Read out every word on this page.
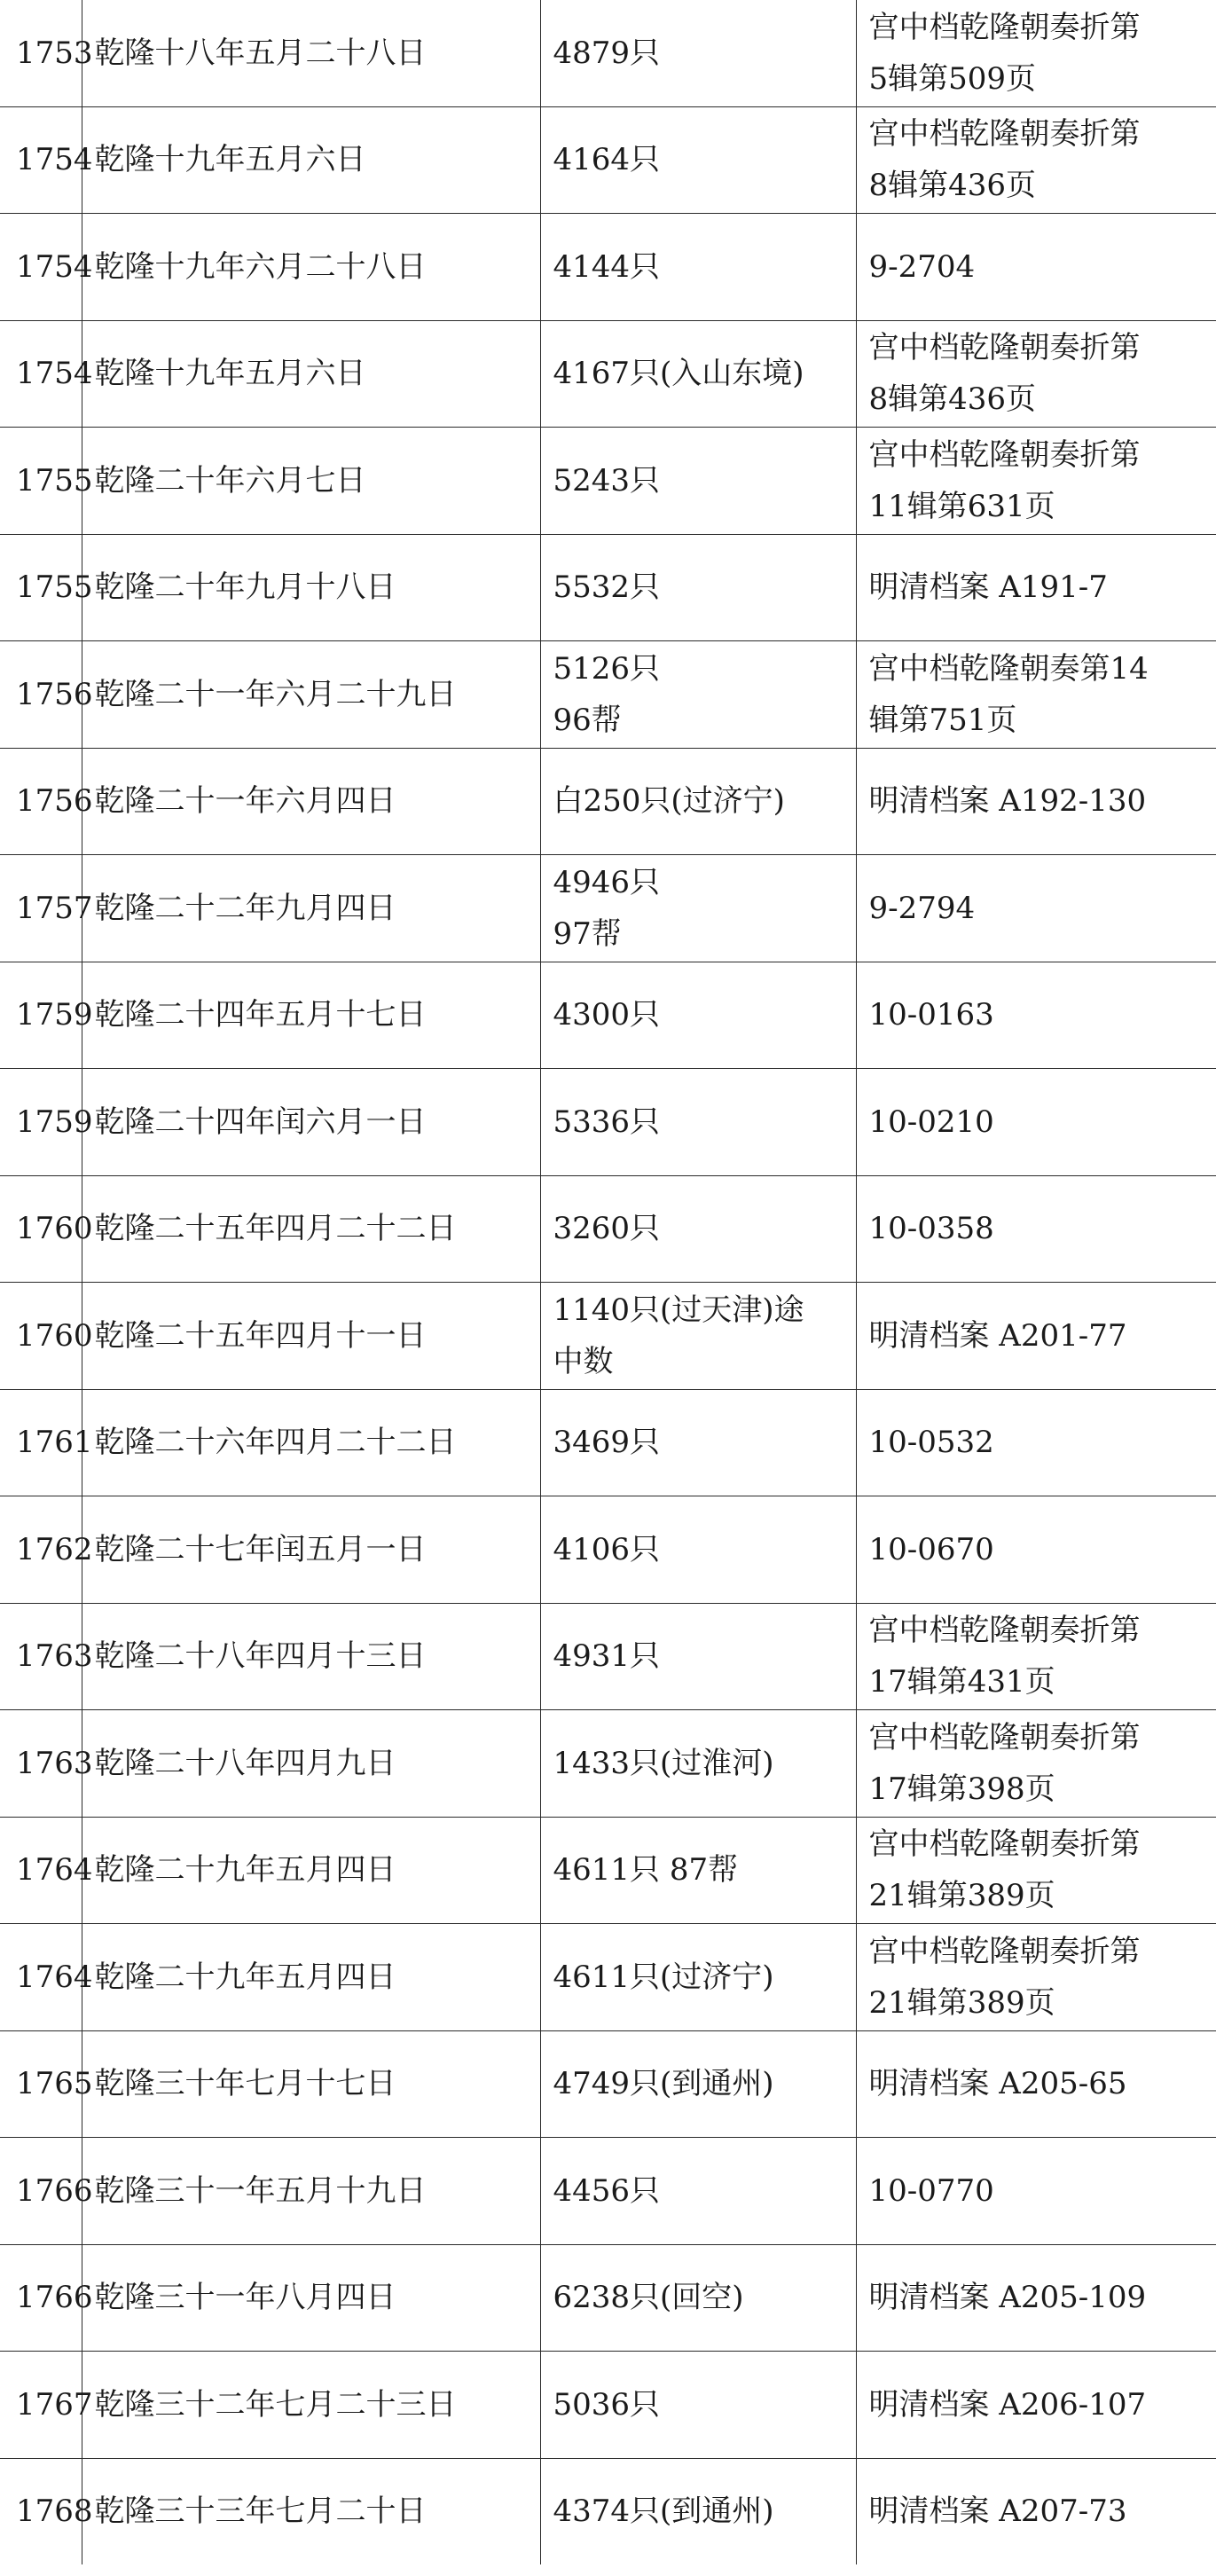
1753	乾隆十八年五月二十八日	4879只	宫中档乾隆朝奏折第
5辑第509页

1754	乾隆十九年五月六日	4164只	宫中档乾隆朝奏折第
8辑第436页

1754	乾隆十九年六月二十八日	4144只	9-2704

1754	乾隆十九年五月六日	4167只(入山东境)	宫中档乾隆朝奏折第
8辑第436页

1755	乾隆二十年六月七日	5243只	宫中档乾隆朝奏折第
11辑第631页

1755	乾隆二十年九月十八日	5532只	明清档案 A191-7

1756	乾隆二十一年六月二十九日	5126只
96帮	宫中档乾隆朝奏第14
辑第751页

1756	乾隆二十一年六月四日	白250只(过济宁)	明清档案 A192-130

1757	乾隆二十二年九月四日	4946只
97帮	9-2794

1759	乾隆二十四年五月十七日	4300只	10-0163

1759	乾隆二十四年闰六月一日	5336只	10-0210

1760	乾隆二十五年四月二十二日	3260只	10-0358

1760	乾隆二十五年四月十一日	1140只(过天津)途
中数	明清档案 A201-77

1761	乾隆二十六年四月二十二日	3469只	10-0532

1762	乾隆二十七年闰五月一日	4106只	10-0670

1763	乾隆二十八年四月十三日	4931只	宫中档乾隆朝奏折第
17辑第431页

1763	乾隆二十八年四月九日	1433只(过淮河)	宫中档乾隆朝奏折第
17辑第398页

1764	乾隆二十九年五月四日	4611只 87帮	宫中档乾隆朝奏折第
21辑第389页

1764	乾隆二十九年五月四日	4611只(过济宁)	宫中档乾隆朝奏折第
21辑第389页

1765	乾隆三十年七月十七日	4749只(到通州)	明清档案 A205-65

1766	乾隆三十一年五月十九日	4456只	10-0770

1766	乾隆三十一年八月四日	6238只(回空)	明清档案 A205-109

1767	乾隆三十二年七月二十三日	5036只	明清档案 A206-107

1768	乾隆三十三年七月二十日	4374只(到通州)	明清档案 A207-73
